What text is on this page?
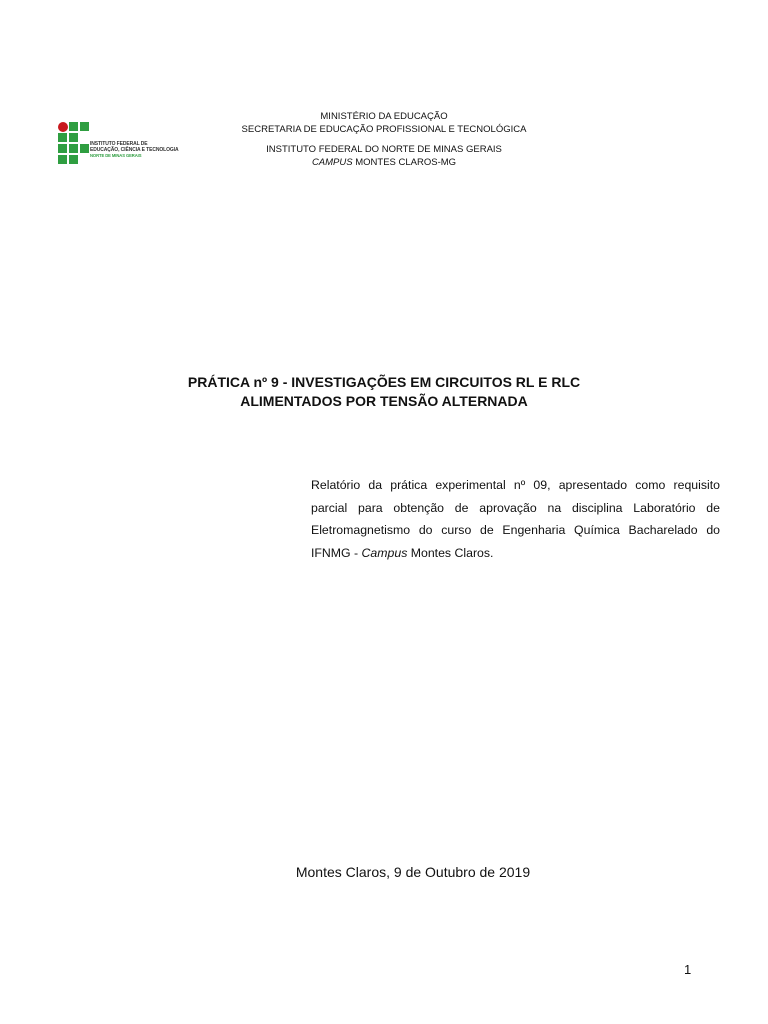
INSTITUTO FEDERAL DE
EDUCAÇÃO, CIÊNCIA E TECNOLOGIA
NORTE DE MINAS GERAIS
MINISTÉRIO DA EDUCAÇÃO
SECRETARIA DE EDUCAÇÃO PROFISSIONAL E TECNOLÓGICA
INSTITUTO FEDERAL DO NORTE DE MINAS GERAIS
CAMPUS MONTES CLAROS-MG
PRÁTICA nº 9 - INVESTIGAÇÕES EM CIRCUITOS RL E RLC
ALIMENTADOS POR TENSÃO ALTERNADA
Relatório da prática experimental nº 09, apresentado como requisito parcial para obtenção de aprovação na disciplina Laboratório de Eletromagnetismo do curso de Engenharia Química Bacharelado do IFNMG - Campus Montes Claros.
Montes Claros, 9 de Outubro de 2019
1
